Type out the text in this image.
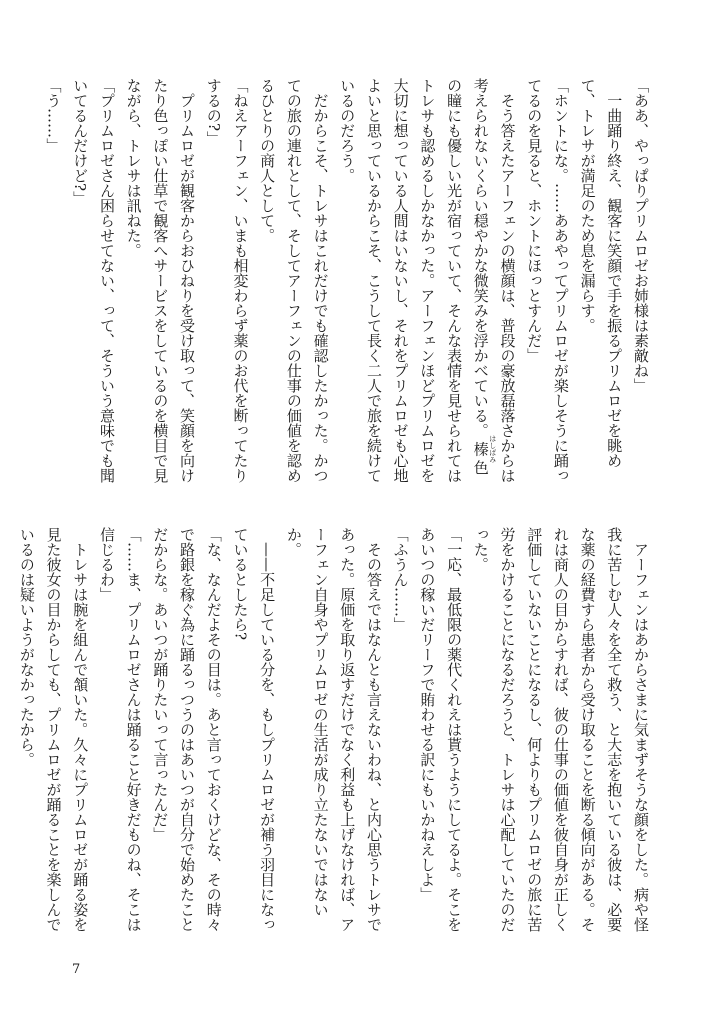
「ああ、やっぱりプリムロゼお姉様は素敵ね」

一曲踊り終え、観客に笑顔で手を振るプリムロゼを眺めて、トレサが満足のため息を漏らす。

「ホントにな。……ああやってプリムロゼが楽しそうに踊ってるのを見ると、ホントにほっとすんだ」

そう答えたアーフェンの横顔は、普段の豪放磊落さからは考えられないくらい穏やかな微笑みを浮かべている。榛 はしばみ色の瞳にも優しい光が宿っていて、そんな表情を見せられてはトレサも認めるしかなかった。アーフェンほどプリムロゼを大切に想っている人間はいないし、それをプリムロゼも心地よいと思っているからこそ、こうして長く二人で旅を続けているのだろう。

だからこそ、トレサはこれだけでも確認したかった。かつての旅の連れとして、そしてアーフェンの仕事の価値を認めるひとりの商人として。

「ねえアーフェン、いまも相変わらず薬のお代を断ってたりするの?」

プリムロゼが観客からおひねりを受け取って、笑顔を向けたり色っぽい仕草で観客へサービスをしているのを横目で見ながら、トレサは訊ねた。

「プリムロゼさん困らせてない、って、そういう意味でも聞いてるんだけど?」

「う……」

アーフェンはあからさまに気まずそうな顔をした。病や怪我に苦しむ人々を全て救う、と大志を抱いている彼は、必要な薬の経費すら患者から受け取ることを断る傾向がある。それは商人の目からすれば、彼の仕事の価値を彼自身が正しく評価していないことになるし、何よりもプリムロゼの旅に苦労をかけることになるだろうと、トレサは心配していたのだった。

「一応、最低限の薬代くれえは貰うようにしてるよ。そこをあいつの稼いだリーフで賄わせる訳にもいかねえしよ」

「ふうん……」

その答えではなんとも言えないわね、と内心思うトレサであった。原価を取り返すだけでなく利益も上げなければ、アーフェン自身やプリムロゼの生活が成り立たないではないか。

——不足している分を、もしプリムロゼが補う羽目になっているとしたら?

「な、なんだよその目は。あと言っておくけどな、その時々で路銀を稼ぐ為に踊るっつうのはあいつが自分で始めたことだからな。あいつが踊りたいって言ったんだ」

「……ま、プリムロゼさんは踊ること好きだものね、そこは信じるわ」

トレサは腕を組んで頷いた。久々にプリムロゼが踊る姿を見た彼女の目からしても、プリムロゼが踊ることを楽しんでいるのは疑いようがなかったから。

7
